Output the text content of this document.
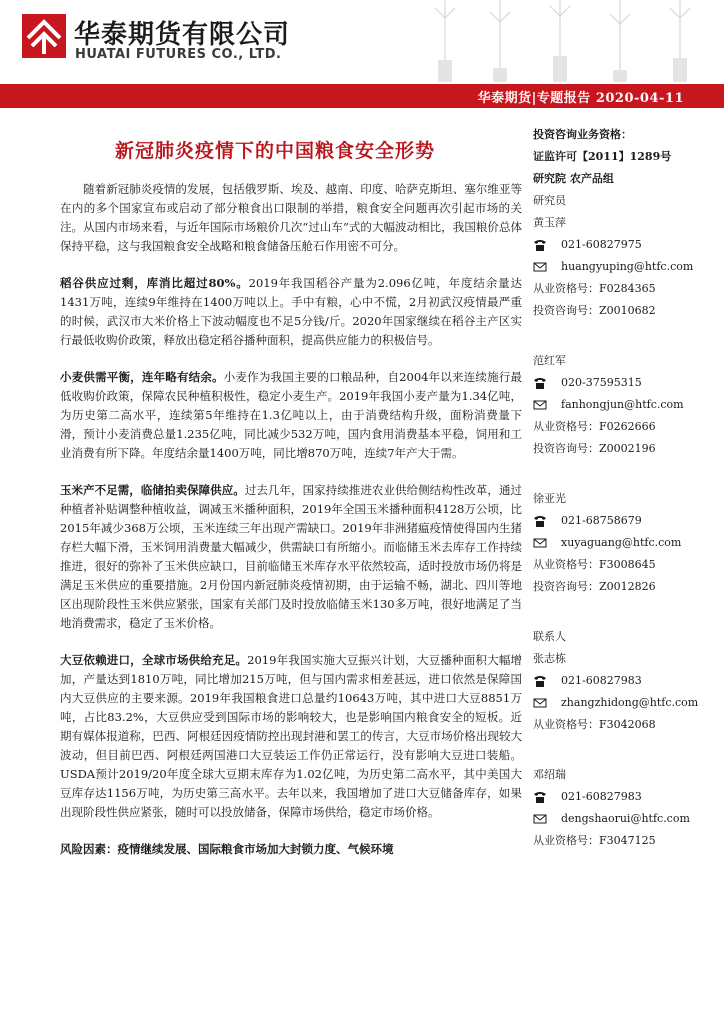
华泰期货有限公司
HUATAI FUTURES CO., LTD.
华泰期货|专题报告 2020-04-11
新冠肺炎疫情下的中国粮食安全形势

随着新冠肺炎疫情的发展，包括俄罗斯、埃及、越南、印度、哈萨克斯坦、塞尔维亚等在内的多个国家宣布或启动了部分粮食出口限制的举措，粮食安全问题再次引起市场的关注。从国内市场来看，与近年国际市场粮价几次“过山车”式的大幅波动相比，我国粮价总体保持平稳，这与我国粮食安全战略和粮食储备压舱石作用密不可分。

稻谷供应过剩，库消比超过80%。2019年我国稻谷产量为2.096亿吨，年度结余量达1431万吨，连续9年维持在1400万吨以上。手中有粮，心中不慌，2月初武汉疫情最严重的时候，武汉市大米价格上下波动幅度也不足5分钱/斤。2020年国家继续在稻谷主产区实行最低收购价政策，释放出稳定稻谷播种面积，提高供应能力的积极信号。

小麦供需平衡，连年略有结余。小麦作为我国主要的口粮品种，自2004年以来连续施行最低收购价政策，保障农民种植积极性，稳定小麦生产。2019年我国小麦产量为1.34亿吨，为历史第二高水平，连续第5年维持在1.3亿吨以上，由于消费结构升级，面粉消费量下滑，预计小麦消费总量1.235亿吨，同比减少532万吨，国内食用消费基本平稳，饲用和工业消费有所下降。年度结余量1400万吨，同比增870万吨，连续7年产大于需。

玉米产不足需，临储拍卖保障供应。过去几年，国家持续推进农业供给侧结构性改革，通过种植者补贴调整种植收益，调减玉米播种面积，2019年全国玉米播种面积4128万公顷，比2015年减少368万公顷，玉米连续三年出现产需缺口。2019年非洲猪瘟疫情使得国内生猪存栏大幅下滑，玉米饲用消费量大幅减少，供需缺口有所缩小。而临储玉米去库存工作持续推进，很好的弥补了玉米供应缺口，目前临储玉米库存水平依然较高，适时投放市场仍将是满足玉米供应的重要措施。2月份国内新冠肺炎疫情初期，由于运输不畅，湖北、四川等地区出现阶段性玉米供应紧张，国家有关部门及时投放临储玉米130多万吨，很好地满足了当地消费需求，稳定了玉米价格。

大豆依赖进口，全球市场供给充足。2019年我国实施大豆振兴计划，大豆播种面积大幅增加，产量达到1810万吨，同比增加215万吨，但与国内需求相差甚远，进口依然是保障国内大豆供应的主要来源。2019年我国粮食进口总量约10643万吨，其中进口大豆8851万吨，占比83.2%，大豆供应受到国际市场的影响较大，也是影响国内粮食安全的短板。近期有媒体报道称，巴西、阿根廷因疫情防控出现封港和罢工的传言，大豆市场价格出现较大波动，但目前巴西、阿根廷两国港口大豆装运工作仍正常运行，没有影响大豆进口装船。USDA预计2019/20年度全球大豆期末库存为1.02亿吨，为历史第二高水平，其中美国大豆库存达1156万吨，为历史第三高水平。去年以来，我国增加了进口大豆储备库存，如果出现阶段性供应紧张，随时可以投放储备，保障市场供给，稳定市场价格。

风险因素：疫情继续发展、国际粮食市场加大封锁力度、气候环境

投资咨询业务资格：
证监许可【2011】1289号
研究院 农产品组
研究员
黄玉萍
021-60827975
huangyuping@htfc.com
从业资格号：F0284365
投资咨询号：Z0010682
范红军
020-37595315
fanhongjun@htfc.com
从业资格号：F0262666
投资咨询号：Z0002196
徐亚光
021-68758679
xuyaguang@htfc.com
从业资格号：F3008645
投资咨询号：Z0012826
联系人
张志栋
021-60827983
zhangzhidong@htfc.com
从业资格号：F3042068
邓绍瑞
021-60827983
dengshaorui@htfc.com
从业资格号：F3047125
